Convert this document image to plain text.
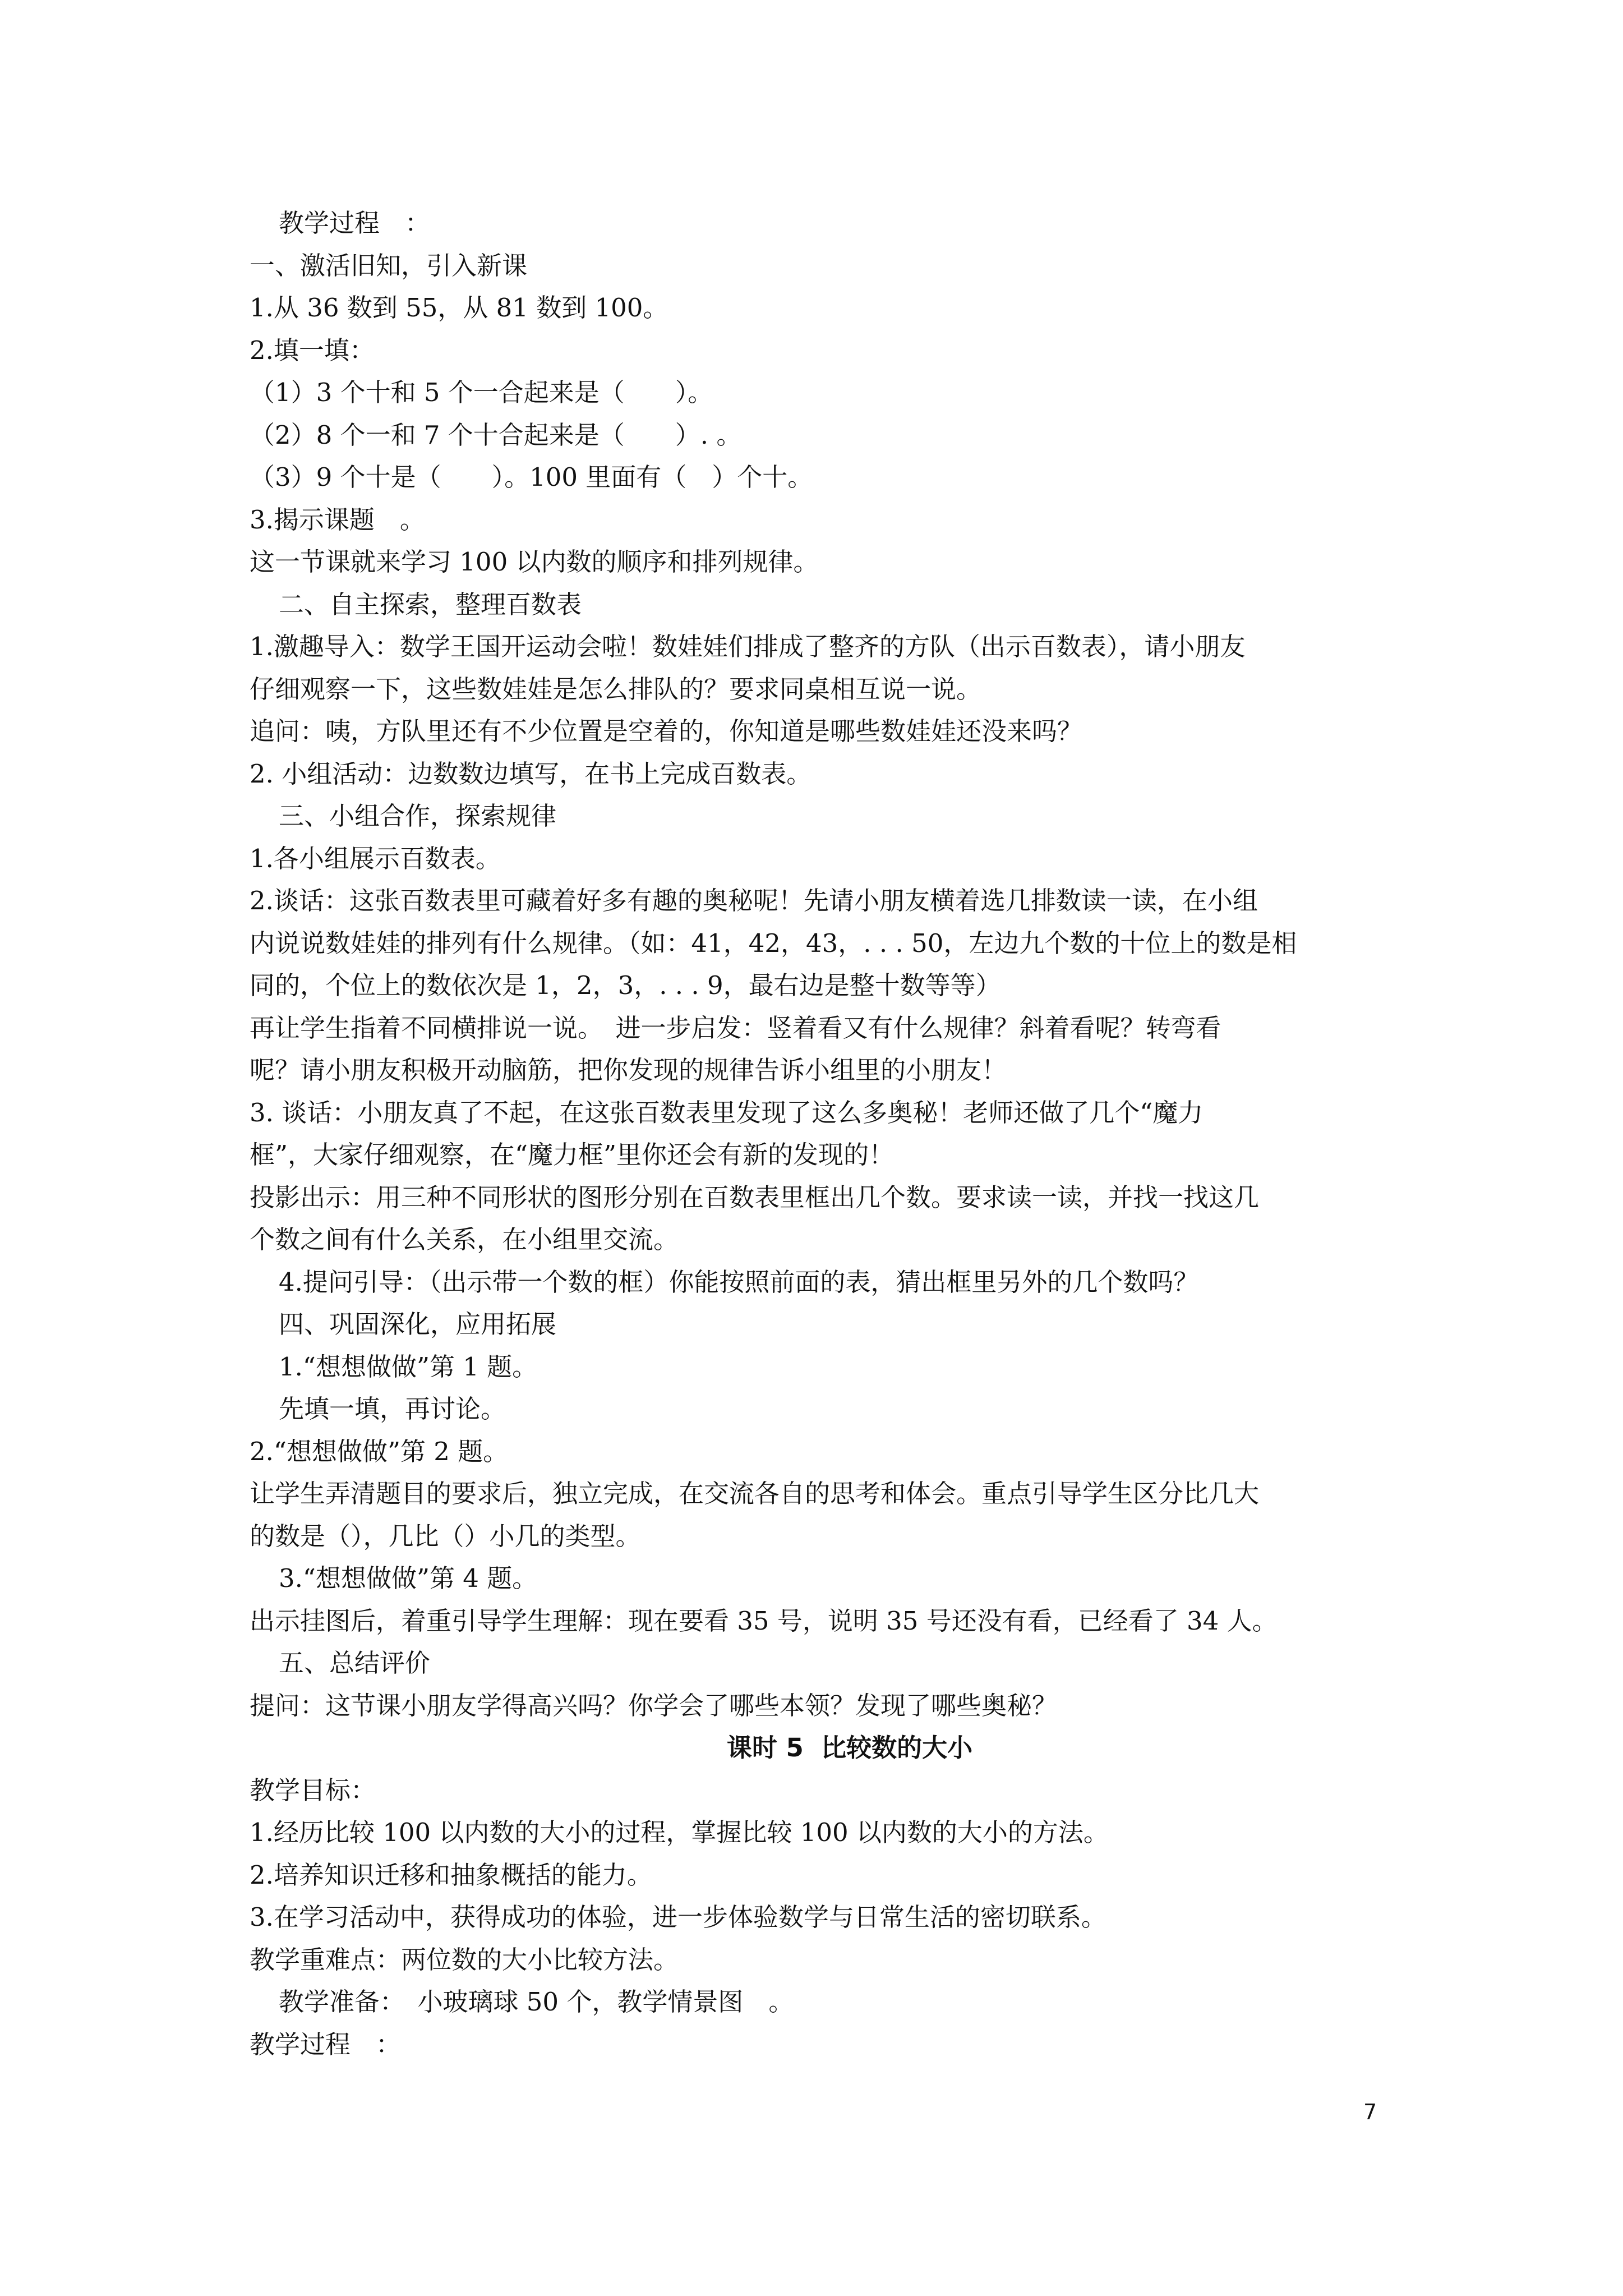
教学过程　：
一、激活旧知，引入新课
1.从 36 数到 55，从 81 数到 100。
2.填一填：
（1）3 个十和 5 个一合起来是（　　）。
（2）8 个一和 7 个十合起来是（　　）. 。
（3）9 个十是（　　）。100 里面有（　）个十。
3.揭示课题　。
这一节课就来学习 100 以内数的顺序和排列规律。
二、自主探索，整理百数表
1.激趣导入：数学王国开运动会啦！数娃娃们排成了整齐的方队（出示百数表），请小朋友
仔细观察一下，这些数娃娃是怎么排队的？要求同桌相互说一说。
追问：咦，方队里还有不少位置是空着的，你知道是哪些数娃娃还没来吗？
2. 小组活动：边数数边填写，在书上完成百数表。
三、小组合作，探索规律
1.各小组展示百数表。
2.谈话：这张百数表里可藏着好多有趣的奥秘呢！先请小朋友横着选几排数读一读，在小组
内说说数娃娃的排列有什么规律。（如：41，42，43，. . . 50，左边九个数的十位上的数是相
同的，个位上的数依次是 1，2，3，. . . 9，最右边是整十数等等）
再让学生指着不同横排说一说。　进一步启发：竖着看又有什么规律？斜着看呢？转弯看
呢？请小朋友积极开动脑筋，把你发现的规律告诉小组里的小朋友！
3. 谈话：小朋友真了不起，在这张百数表里发现了这么多奥秘！老师还做了几个“魔力
框”，大家仔细观察，在“魔力框”里你还会有新的发现的！
投影出示：用三种不同形状的图形分别在百数表里框出几个数。要求读一读，并找一找这几
个数之间有什么关系，在小组里交流。
4.提问引导：（出示带一个数的框）你能按照前面的表，猜出框里另外的几个数吗？
四、巩固深化，应用拓展
1.“想想做做”第 1 题。
先填一填，再讨论。
2.“想想做做”第 2 题。
让学生弄清题目的要求后，独立完成，在交流各自的思考和体会。重点引导学生区分比几大
的数是（），几比（）小几的类型。
3.“想想做做”第 4 题。
出示挂图后，着重引导学生理解：现在要看 35 号，说明 35 号还没有看，已经看了 34 人。
五、总结评价
提问：这节课小朋友学得高兴吗？你学会了哪些本领？发现了哪些奥秘？
课时 5  比较数的大小
教学目标：
1.经历比较 100 以内数的大小的过程，掌握比较 100 以内数的大小的方法。
2.培养知识迁移和抽象概括的能力。
3.在学习活动中，获得成功的体验，进一步体验数学与日常生活的密切联系。
教学重难点：两位数的大小比较方法。
教学准备：　小玻璃球 50 个，教学情景图　。
教学过程　：
7
